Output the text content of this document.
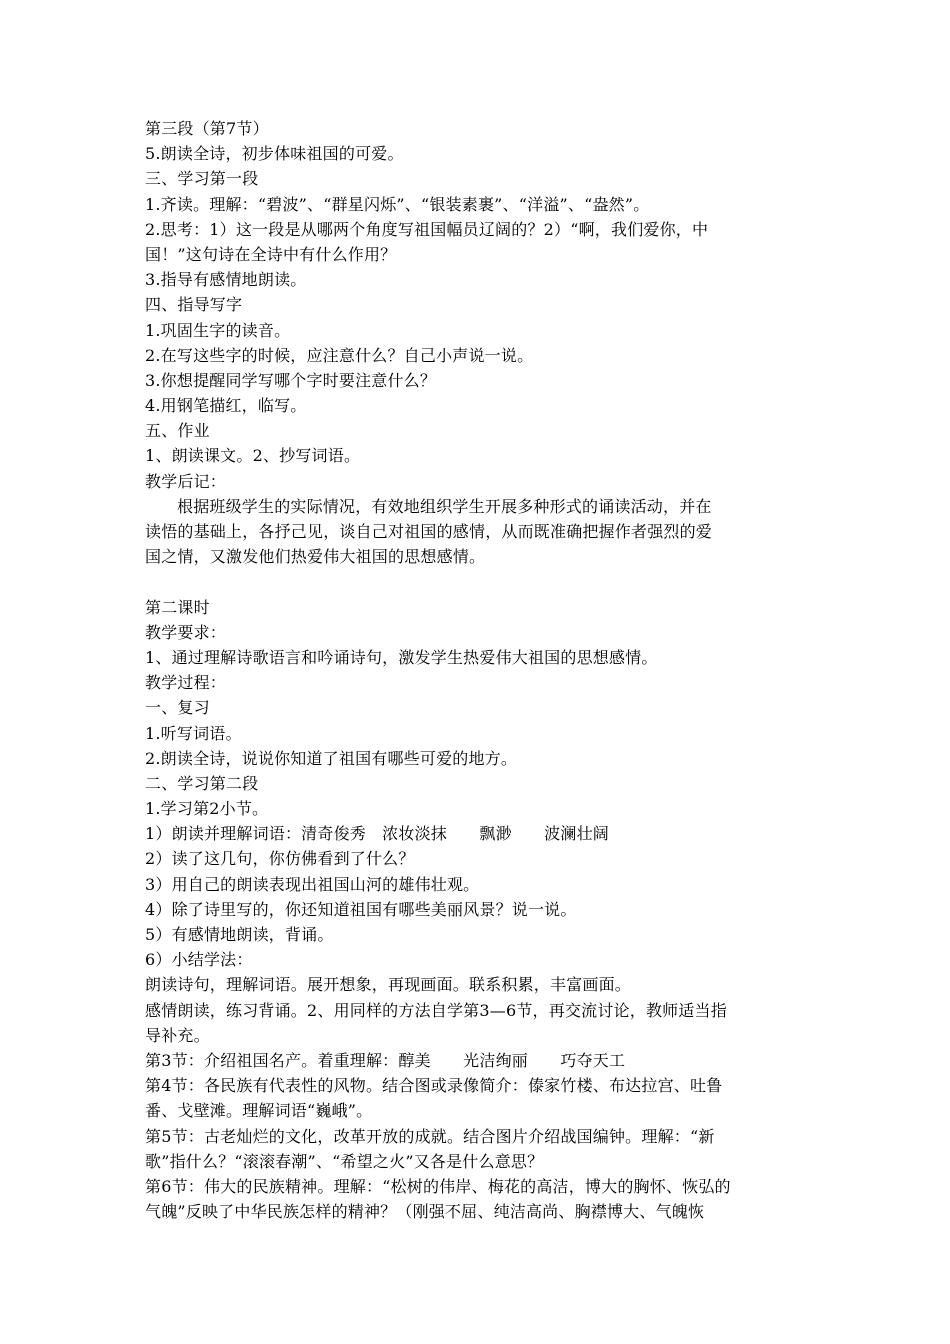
第三段（第7节）
5.朗读全诗，初步体味祖国的可爱。
三、学习第一段
1.齐读。理解：“碧波”、“群星闪烁”、“银装素裹”、“洋溢”、“盎然”。
2.思考：1）这一段是从哪两个角度写祖国幅员辽阔的？2）“啊，我们爱你，中
国！”这句诗在全诗中有什么作用？
3.指导有感情地朗读。
四、指导写字
1.巩固生字的读音。
2.在写这些字的时候，应注意什么？自己小声说一说。
3.你想提醒同学写哪个字时要注意什么？
4.用钢笔描红，临写。
五、作业
1、朗读课文。2、抄写词语。
教学后记：
根据班级学生的实际情况，有效地组织学生开展多种形式的诵读活动，并在
读悟的基础上，各抒己见，谈自己对祖国的感情，从而既准确把握作者强烈的爱
国之情，又激发他们热爱伟大祖国的思想感情。
第二课时
教学要求：
1、通过理解诗歌语言和吟诵诗句，激发学生热爱伟大祖国的思想感情。
教学过程：
一、复习
1.听写词语。
2.朗读全诗，说说你知道了祖国有哪些可爱的地方。
二、学习第二段
1.学习第2小节。
1）朗读并理解词语：清奇俊秀　浓妆淡抹　　飘渺　　波澜壮阔
2）读了这几句，你仿佛看到了什么？
3）用自己的朗读表现出祖国山河的雄伟壮观。
4）除了诗里写的，你还知道祖国有哪些美丽风景？说一说。
5）有感情地朗读，背诵。
6）小结学法：
朗读诗句，理解词语。展开想象，再现画面。联系积累，丰富画面。
感情朗读，练习背诵。2、用同样的方法自学第3—6节，再交流讨论，教师适当指
导补充。
第3节：介绍祖国名产。着重理解：醇美　　光洁绚丽　　巧夺天工
第4节：各民族有代表性的风物。结合图或录像简介：傣家竹楼、布达拉宫、吐鲁
番、戈壁滩。理解词语“巍峨”。
第5节：古老灿烂的文化，改革开放的成就。结合图片介绍战国编钟。理解：“新
歌”指什么？“滚滚春潮”、“希望之火”又各是什么意思？
第6节：伟大的民族精神。理解：“松树的伟岸、梅花的高洁，博大的胸怀、恢弘的
气魄”反映了中华民族怎样的精神？（刚强不屈、纯洁高尚、胸襟博大、气魄恢
